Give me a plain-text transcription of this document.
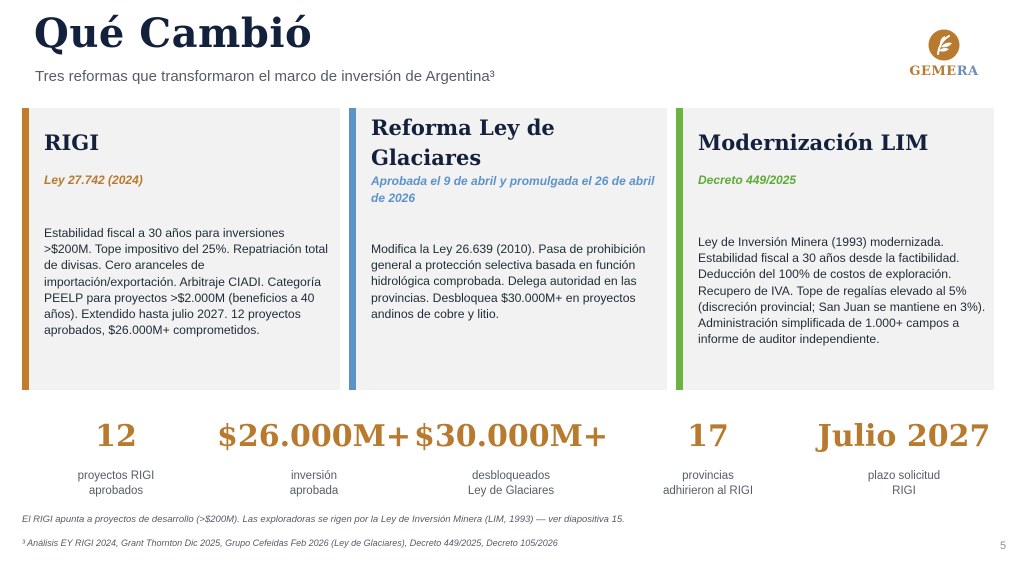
Qué Cambió
Tres reformas que transformaron el marco de inversión de Argentina³	GEMERA
RIGI
Ley 27.742 (2024)
Estabilidad fiscal a 30 años para inversiones >$200M. Tope impositivo del 25%. Repatriación total de divisas. Cero aranceles de importación/exportación. Arbitraje CIADI. Categoría PEELP para proyectos >$2.000M (beneficios a 40 años). Extendido hasta julio 2027. 12 proyectos aprobados, $26.000M+ comprometidos.
Reforma Ley de Glaciares
Aprobada el 9 de abril y promulgada el 26 de abril de 2026
Modifica la Ley 26.639 (2010). Pasa de prohibición general a protección selectiva basada en función hidrológica comprobada. Delega autoridad en las provincias. Desbloquea $30.000M+ en proyectos andinos de cobre y litio.
Modernización LIM
Decreto 449/2025
Ley de Inversión Minera (1993) modernizada. Estabilidad fiscal a 30 años desde la factibilidad. Deducción del 100% de costos de exploración. Recupero de IVA. Tope de regalías elevado al 5% (discreción provincial; San Juan se mantiene en 3%). Administración simplificada de 1.000+ campos a informe de auditor independiente.
12
proyectos RIGI
aprobados
$26.000M+
inversión
aprobada
$30.000M+
desbloqueados
Ley de Glaciares
17
provincias
adhirieron al RIGI
Julio 2027
plazo solicitud
RIGI
El RIGI apunta a proyectos de desarrollo (>$200M). Las exploradoras se rigen por la Ley de Inversión Minera (LIM, 1993) — ver diapositiva 15.
³ Análisis EY RIGI 2024, Grant Thornton Dic 2025, Grupo Cefeidas Feb 2026 (Ley de Glaciares), Decreto 449/2025, Decreto 105/2026	5
